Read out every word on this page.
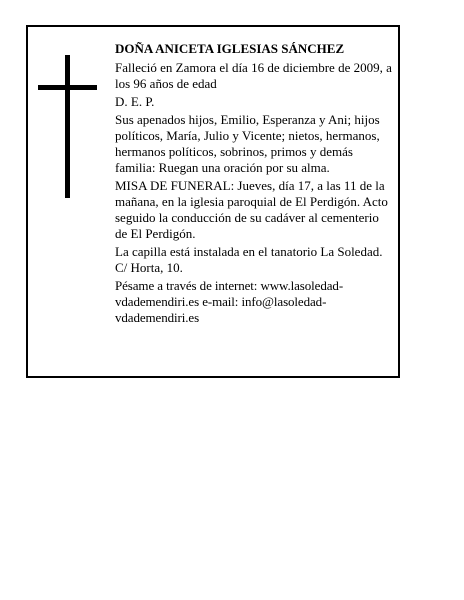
DOÑA ANICETA IGLESIAS SÁNCHEZ

Falleció en Zamora el día 16 de diciembre de 2009, a los 96 años de edad

D. E. P.

Sus apenados hijos, Emilio, Esperanza y Ani; hijos políticos, María, Julio y Vicente; nietos, hermanos, hermanos políticos, sobrinos, primos y demás familia: Ruegan una oración por su alma.

MISA DE FUNERAL: Jueves, día 17, a las 11 de la mañana, en la iglesia paroquial de El Perdigón. Acto seguido la conducción de su cadáver al cementerio de El Perdigón.

La capilla está instalada en el tanatorio La Soledad. C/ Horta, 10.

Pésame a través de internet: www.lasoledad-vdademendiri.es e-mail: info@lasoledad-vdademendiri.es
